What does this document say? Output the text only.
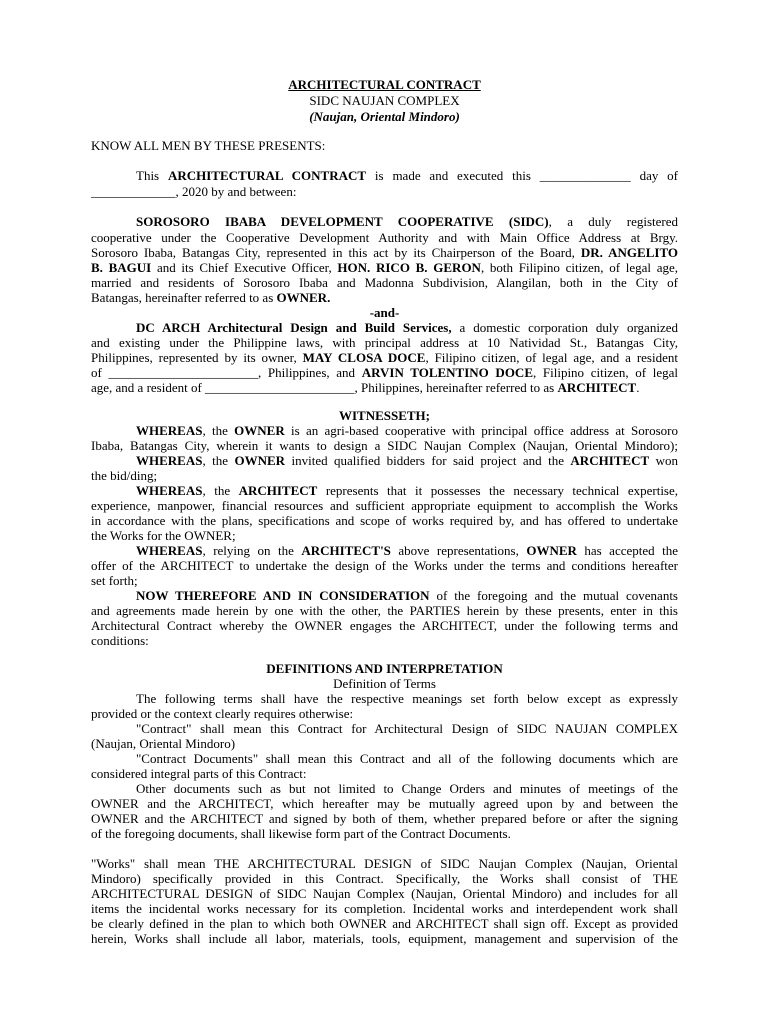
ARCHITECTURAL CONTRACT
SIDC NAUJAN COMPLEX
(Naujan, Oriental Mindoro)
KNOW ALL MEN BY THESE PRESENTS:
This ARCHITECTURAL CONTRACT is made and executed this ______________ day of
_____________, 2020 by and between:
SOROSORO IBABA DEVELOPMENT COOPERATIVE (SIDC), a duly registered
cooperative under the Cooperative Development Authority and with Main Office Address at Brgy.
Sorosoro Ibaba, Batangas City, represented in this act by its Chairperson of the Board, DR. ANGELITO
B. BAGUI and its Chief Executive Officer, HON. RICO B. GERON, both Filipino citizen, of legal age,
married and residents of Sorosoro Ibaba and Madonna Subdivision, Alangilan, both in the City of
Batangas, hereinafter referred to as OWNER.
-and-
DC ARCH Architectural Design and Build Services, a domestic corporation duly organized
and existing under the Philippine laws, with principal address at 10 Natividad St., Batangas City,
Philippines, represented by its owner, MAY CLOSA DOCE, Filipino citizen, of legal age, and a resident
of _______________________, Philippines, and ARVIN TOLENTINO DOCE, Filipino citizen, of legal
age, and a resident of _______________________, Philippines, hereinafter referred to as ARCHITECT.
WITNESSETH;
WHEREAS, the OWNER is an agri-based cooperative with principal office address at Sorosoro
Ibaba, Batangas City, wherein it wants to design a SIDC Naujan Complex (Naujan, Oriental Mindoro);
WHEREAS, the OWNER invited qualified bidders for said project and the ARCHITECT won
the bid/ding;
WHEREAS, the ARCHITECT represents that it possesses the necessary technical expertise,
experience, manpower, financial resources and sufficient appropriate equipment to accomplish the Works
in accordance with the plans, specifications and scope of works required by, and has offered to undertake
the Works for the OWNER;
WHEREAS, relying on the ARCHITECT'S above representations, OWNER has accepted the
offer of the ARCHITECT to undertake the design of the Works under the terms and conditions hereafter
set forth;
NOW THEREFORE AND IN CONSIDERATION of the foregoing and the mutual covenants
and agreements made herein by one with the other, the PARTIES herein by these presents, enter in this
Architectural Contract whereby the OWNER engages the ARCHITECT, under the following terms and
conditions:
DEFINITIONS AND INTERPRETATION
Definition of Terms
The following terms shall have the respective meanings set forth below except as expressly
provided or the context clearly requires otherwise:
"Contract" shall mean this Contract for Architectural Design of SIDC NAUJAN COMPLEX
(Naujan, Oriental Mindoro)
"Contract Documents" shall mean this Contract and all of the following documents which are
considered integral parts of this Contract:
Other documents such as but not limited to Change Orders and minutes of meetings of the
OWNER and the ARCHITECT, which hereafter may be mutually agreed upon by and between the
OWNER and the ARCHITECT and signed by both of them, whether prepared before or after the signing
of the foregoing documents, shall likewise form part of the Contract Documents.
"Works" shall mean THE ARCHITECTURAL DESIGN of SIDC Naujan Complex (Naujan, Oriental
Mindoro) specifically provided in this Contract. Specifically, the Works shall consist of THE
ARCHITECTURAL DESIGN of SIDC Naujan Complex (Naujan, Oriental Mindoro) and includes for all
items the incidental works necessary for its completion. Incidental works and interdependent work shall
be clearly defined in the plan to which both OWNER and ARCHITECT shall sign off. Except as provided
herein, Works shall include all labor, materials, tools, equipment, management and supervision of the
